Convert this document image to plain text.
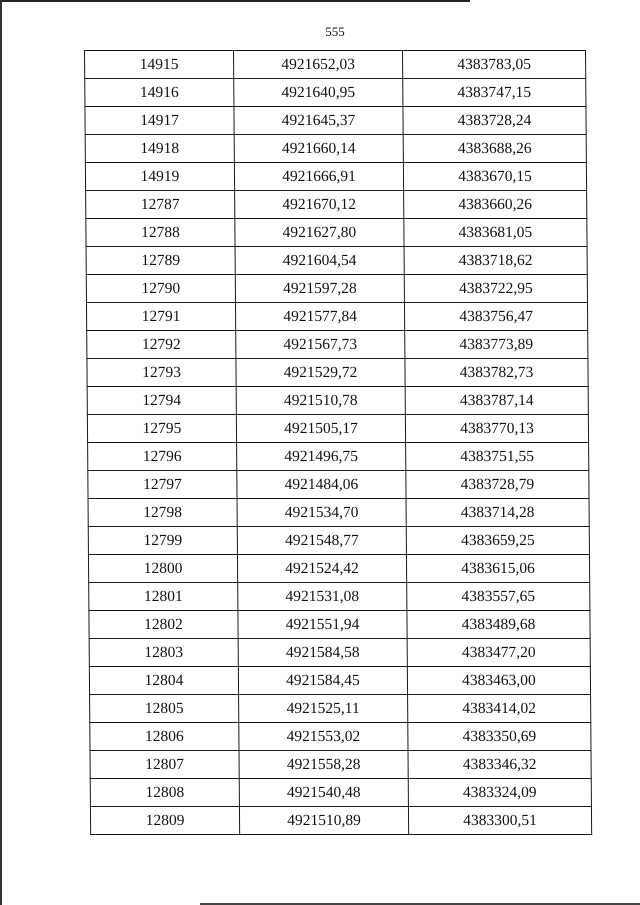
555
14915	4921652,03	4383783,05
14916	4921640,95	4383747,15
14917	4921645,37	4383728,24
14918	4921660,14	4383688,26
14919	4921666,91	4383670,15
12787	4921670,12	4383660,26
12788	4921627,80	4383681,05
12789	4921604,54	4383718,62
12790	4921597,28	4383722,95
12791	4921577,84	4383756,47
12792	4921567,73	4383773,89
12793	4921529,72	4383782,73
12794	4921510,78	4383787,14
12795	4921505,17	4383770,13
12796	4921496,75	4383751,55
12797	4921484,06	4383728,79
12798	4921534,70	4383714,28
12799	4921548,77	4383659,25
12800	4921524,42	4383615,06
12801	4921531,08	4383557,65
12802	4921551,94	4383489,68
12803	4921584,58	4383477,20
12804	4921584,45	4383463,00
12805	4921525,11	4383414,02
12806	4921553,02	4383350,69
12807	4921558,28	4383346,32
12808	4921540,48	4383324,09
12809	4921510,89	4383300,51
